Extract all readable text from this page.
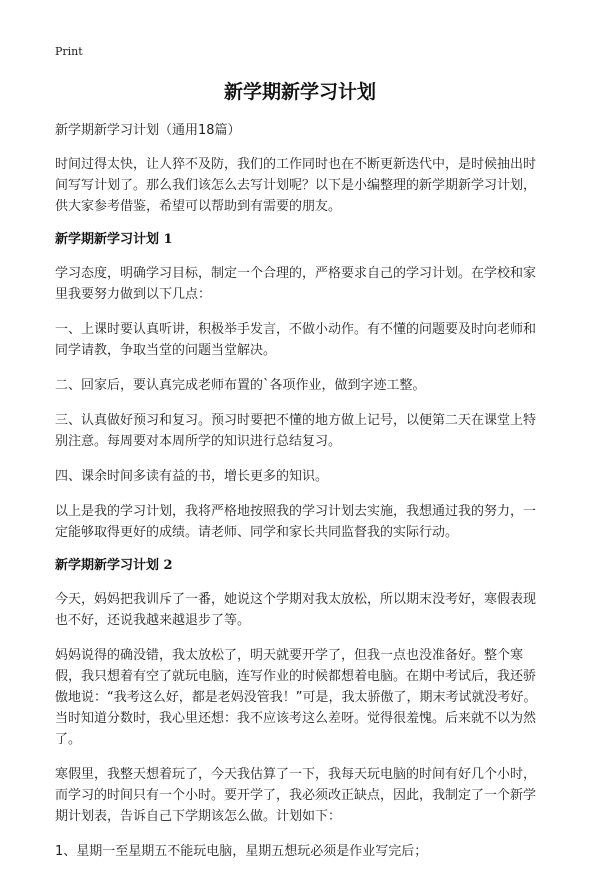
Print
新学期新学习计划

新学期新学习计划（通用18篇）

时间过得太快，让人猝不及防，我们的工作同时也在不断更新迭代中，是时候抽出时间写写计划了。那么我们该怎么去写计划呢？以下是小编整理的新学期新学习计划，供大家参考借鉴，希望可以帮助到有需要的朋友。

新学期新学习计划 1

学习态度，明确学习目标，制定一个合理的，严格要求自己的学习计划。在学校和家里我要努力做到以下几点：

一、上课时要认真听讲，积极举手发言，不做小动作。有不懂的问题要及时向老师和同学请教，争取当堂的问题当堂解决。

二、回家后，要认真完成老师布置的`各项作业，做到字迹工整。

三、认真做好预习和复习。预习时要把不懂的地方做上记号，以便第二天在课堂上特别注意。每周要对本周所学的知识进行总结复习。

四、课余时间多读有益的书，增长更多的知识。

以上是我的学习计划，我将严格地按照我的学习计划去实施，我想通过我的努力，一定能够取得更好的成绩。请老师、同学和家长共同监督我的实际行动。

新学期新学习计划 2

今天，妈妈把我训斥了一番，她说这个学期对我太放松，所以期末没考好，寒假表现也不好，还说我越来越退步了等。

妈妈说得的确没错，我太放松了，明天就要开学了，但我一点也没准备好。整个寒假，我只想着有空了就玩电脑，连写作业的时候都想着电脑。在期中考试后，我还骄傲地说：“我考这么好，都是老妈没管我！”可是，我太骄傲了，期末考试就没考好。当时知道分数时，我心里还想：我不应该考这么差呀。觉得很羞愧。后来就不以为然了。

寒假里，我整天想着玩了，今天我估算了一下，我每天玩电脑的时间有好几个小时，而学习的时间只有一个小时。要开学了，我必须改正缺点，因此，我制定了一个新学期计划表，告诉自己下学期该怎么做。计划如下：

1、星期一至星期五不能玩电脑，星期五想玩必须是作业写完后；
